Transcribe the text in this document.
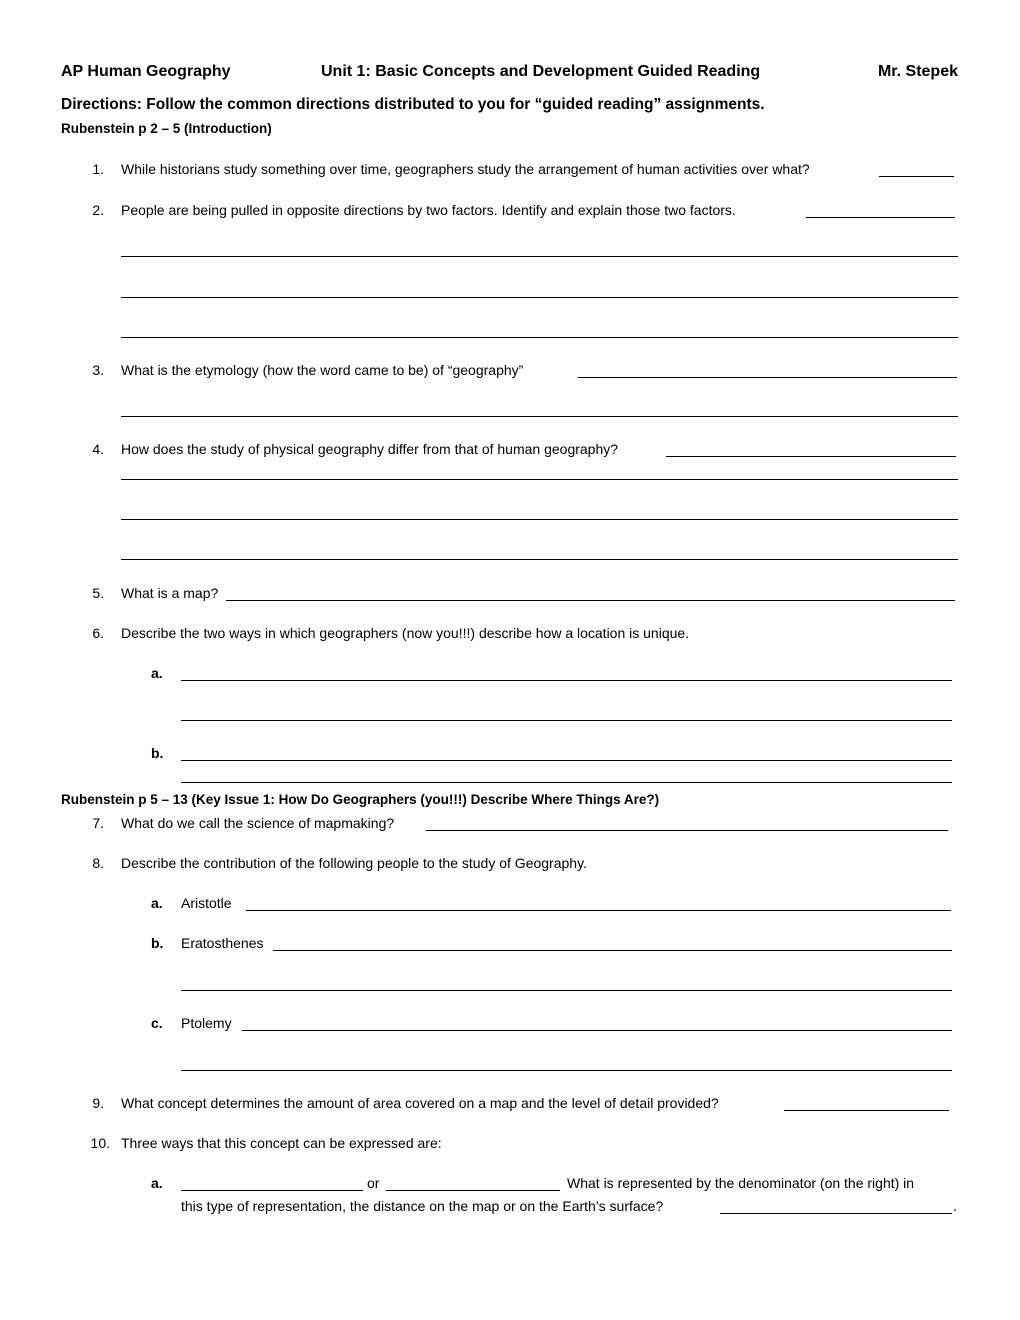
AP Human Geography	Unit 1: Basic Concepts and Development Guided Reading	Mr. Stepek
Directions: Follow the common directions distributed to you for “guided reading” assignments.
Rubenstein p 2 – 5 (Introduction)
1. While historians study something over time, geographers study the arrangement of human activities over what?
2. People are being pulled in opposite directions by two factors. Identify and explain those two factors.
3. What is the etymology (how the word came to be) of “geography”
4. How does the study of physical geography differ from that of human geography?
5. What is a map?
6. Describe the two ways in which geographers (now you!!!) describe how a location is unique.
a.
b.
Rubenstein p 5 – 13 (Key Issue 1: How Do Geographers (you!!!) Describe Where Things Are?)
7. What do we call the science of mapmaking?
8. Describe the contribution of the following people to the study of Geography.
a. Aristotle
b. Eratosthenes
c. Ptolemy
9. What concept determines the amount of area covered on a map and the level of detail provided?
10. Three ways that this concept can be expressed are:
a.	or	What is represented by the denominator (on the right) in
this type of representation, the distance on the map or on the Earth’s surface?	.
